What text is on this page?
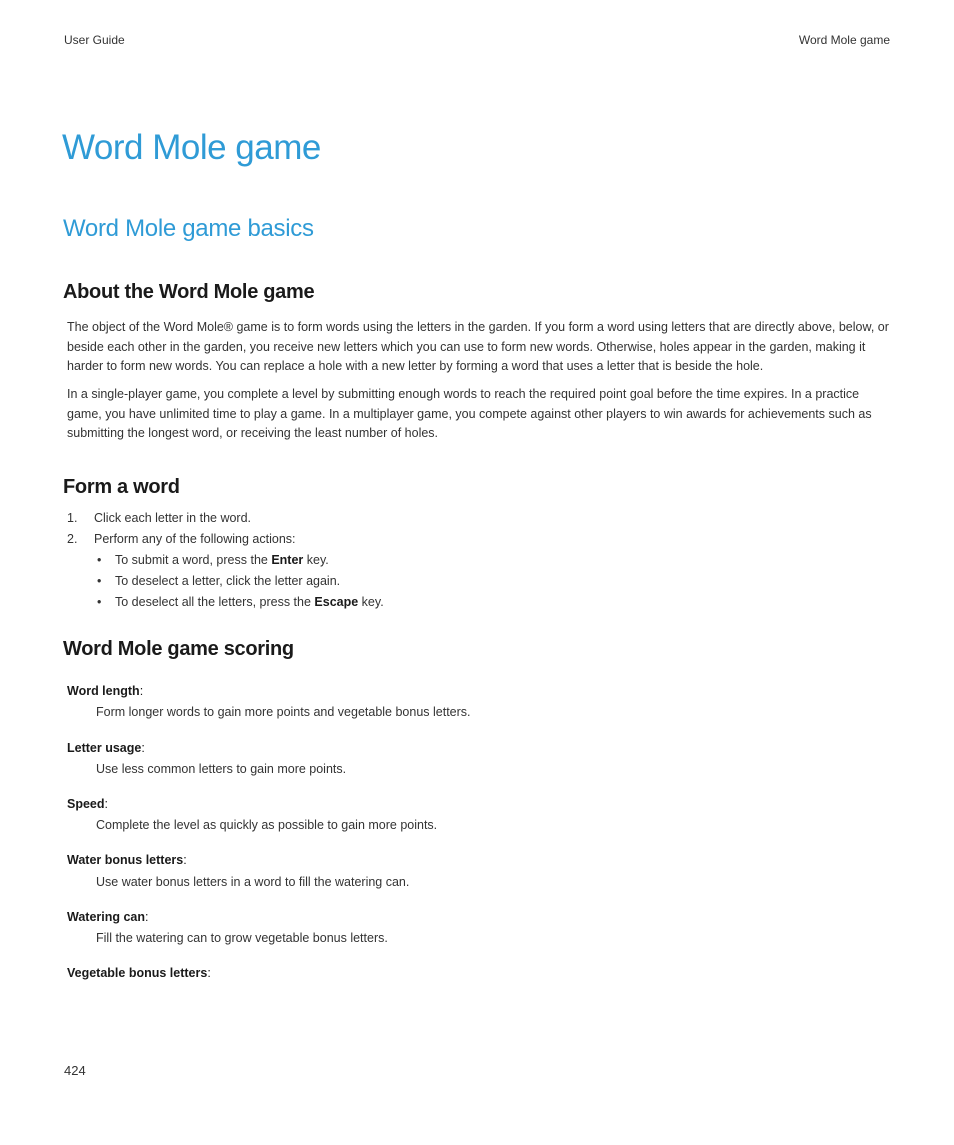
User Guide	Word Mole game
Word Mole game
Word Mole game basics
About the Word Mole game

The object of the Word Mole® game is to form words using the letters in the garden. If you form a word using letters that are directly above, below, or beside each other in the garden, you receive new letters which you can use to form new words. Otherwise, holes appear in the garden, making it harder to form new words. You can replace a hole with a new letter by forming a word that uses a letter that is beside the hole.

In a single-player game, you complete a level by submitting enough words to reach the required point goal before the time expires. In a practice game, you have unlimited time to play a game. In a multiplayer game, you compete against other players to win awards for achievements such as submitting the longest word, or receiving the least number of holes.

Form a word
1. Click each letter in the word.
2. Perform any of the following actions:
• To submit a word, press the Enter key.
• To deselect a letter, click the letter again.
• To deselect all the letters, press the Escape key.
Word Mole game scoring

Word length:

Form longer words to gain more points and vegetable bonus letters.

Letter usage:

Use less common letters to gain more points.

Speed:

Complete the level as quickly as possible to gain more points.

Water bonus letters:

Use water bonus letters in a word to fill the watering can.

Watering can:

Fill the watering can to grow vegetable bonus letters.

Vegetable bonus letters:

424
